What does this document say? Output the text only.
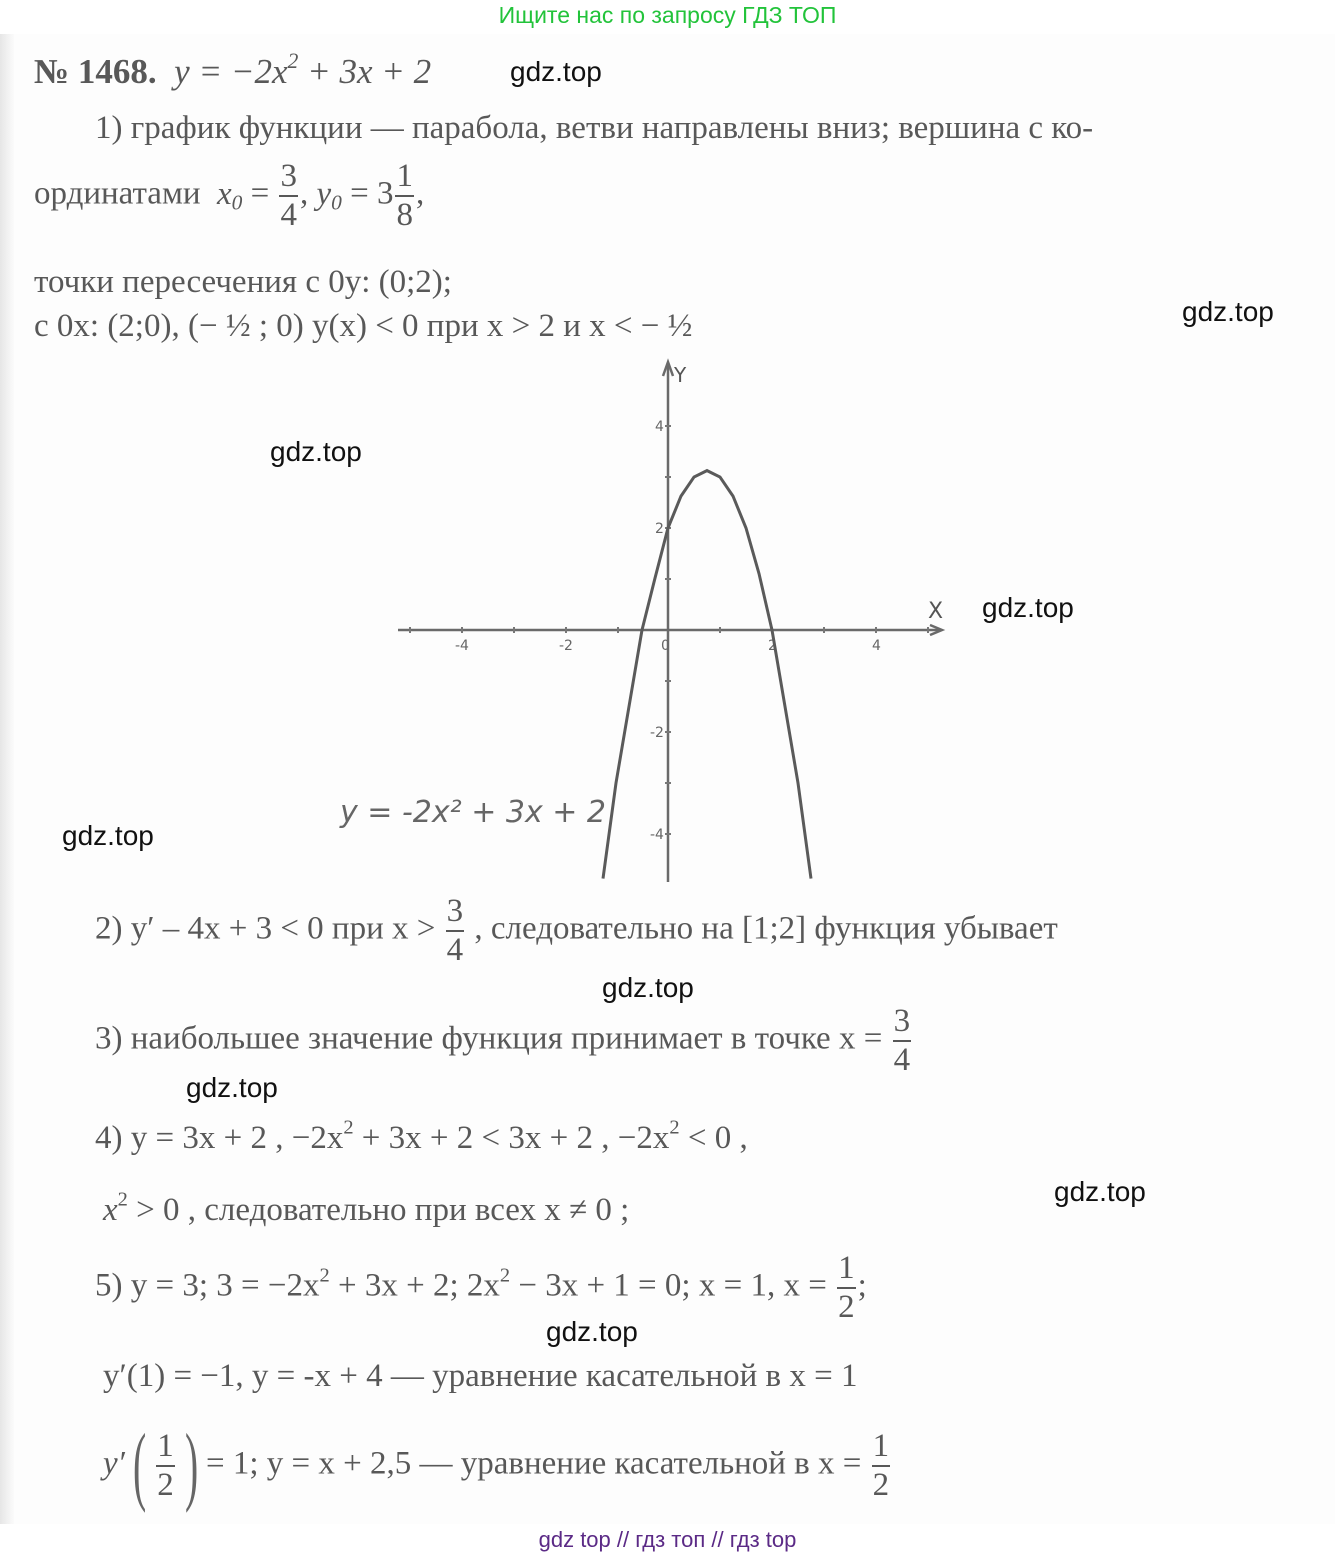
Ищите нас по запросу ГДЗ ТОП
№ 1468. $y = -2x^2 + 3x + 2$	gdz.top
1) график функции — парабола, ветви направлены вниз; вершина с ко-
ординатами $x_0 = \frac{3}{4}$ , $y_0 = 3 \frac{1}{8}$ ,
точки пересечения с 0y: (0;2);
с 0x: (2;0), (− ½ ; 0) y(x) < 0 при x > 2 и x < − ½	gdz.top
gdz.top
gdz.top
gdz.top
-4	-2	0	2	4
4
2
-2
-4
X
Y
y = -2x² + 3x + 2
2) y′ – 4x + 3 < 0 при $x > \frac{3}{4}$ , следовательно на [1;2] функция убывает
gdz.top
3) наибольшее значение функция принимает в точке $x = \frac{3}{4}$
gdz.top
4) y = 3x + 2 , $-2x^2 + 3x + 2 < 3x + 2$ , $-2x^2 < 0$ ,
$x^2 > 0$ , следовательно при всех x ≠ 0 ;
gdz.top
5) y = 3; $3 = -2x^2 + 3x + 2$; $2x^2 - 3x + 1 = 0$; x = 1, $x = \frac{1}{2}$ ;
gdz.top
y′(1) = −1, y = -x + 4 — уравнение касательной в x = 1
$y'( \frac{1}{2}$ ) = 1; y = x + 2,5 — уравнение касательной в $x = \frac{1}{2}$
gdz top // гдз топ // гдз top
